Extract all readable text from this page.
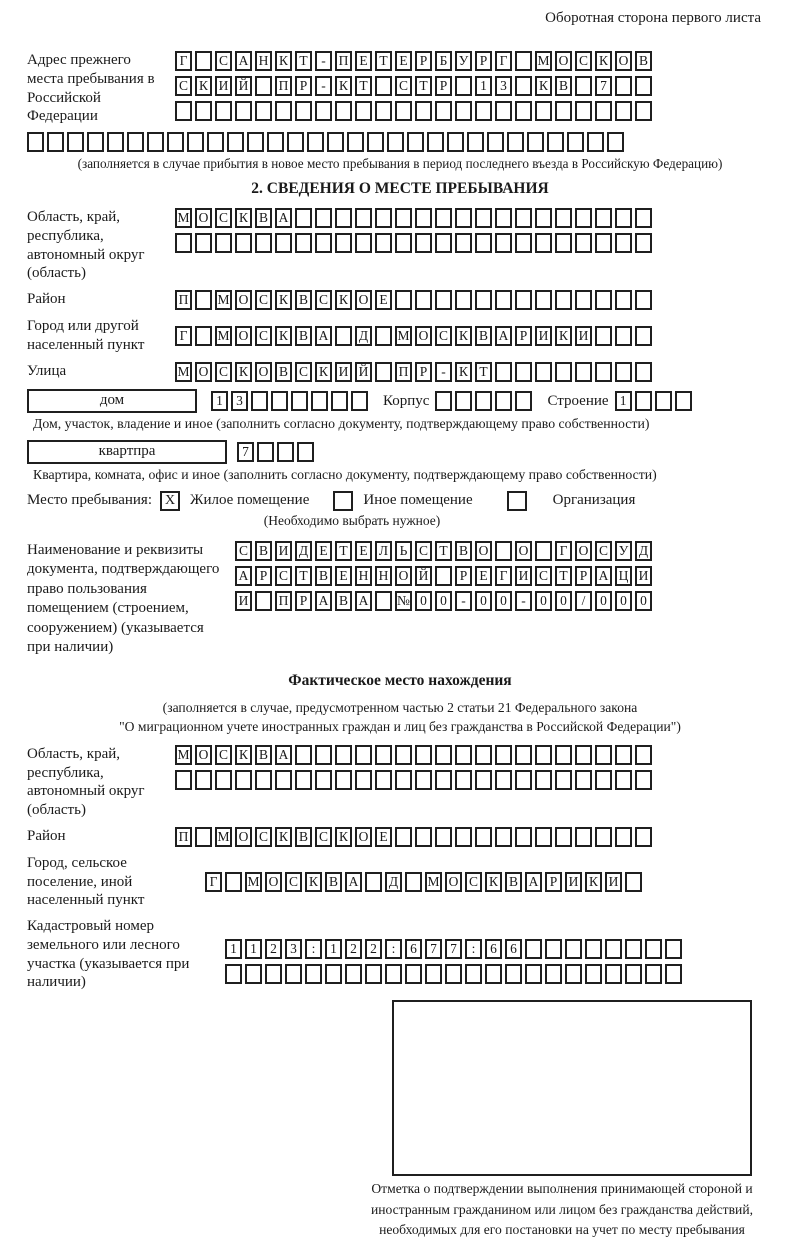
Оборотная сторона первого листа
Адрес прежнего места пребывания в Российской Федерации
Г	С А Н К Т	- П Е Т Е Р Б У Р Г	М О С К О В
С К И Й П Р	- К Т	С Т Р	1 3	К В	7
(заполняется в случае прибытия в новое место пребывания в период последнего въезда в Российскую Федерацию)
2. СВЕДЕНИЯ О МЕСТЕ ПРЕБЫВАНИЯ
Область, край, республика, автономный округ (область)
М О С К В А
Район	П М О С К В С К О Е
Город или другой населенный пункт
Г	М О С К В А Д М О С К В А Р И К И
Улица	М О С К О В С К И Й П Р	- К Т
дом	1 3	Корпус	Строение 1
Дом, участок, владение и иное (заполнить согласно документу, подтверждающему право собственности)
квартпра	7
Квартира, комната, офис и иное (заполнить согласно документу, подтверждающему право собственности)
Место пребывания: X Жилое помещение	Иное помещение	Организация
(Необходимо выбрать нужное)
Наименование и реквизиты документа, подтверждающего право пользования помещением (строением, сооружением) (указывается при наличии)
С В И Д Е Т Е Л Ь С Т В О О	Г О С У Д
А Р С Т В Е Н Н О Й	Р Е Г И С Т Р А Ц И
И П Р А В А № 0 0	-	0 0	-	0 0	/	0 0 0
Фактическое место нахождения
(заполняется в случае, предусмотренном частью 2 статьи 21 Федерального закона
"О миграционном учете иностранных граждан и лиц без гражданства в Российской Федерации")
Область, край, республика, автономный округ (область)
М О С К В А
Район	П М О С К В С К О Е
Город, сельское поселение, иной населенный пункт
Г	М О С К В А Д М О С К В А Р И К И
Кадастровый номер земельного или лесного участка (указывается при наличии)
1 1 2 3	:	1 2 2	:	6 7 7	:	6 6
Отметка о подтверждении выполнения принимающей стороной и иностранным гражданином или лицом без гражданства действий, необходимых для его постановки на учет по месту пребывания
